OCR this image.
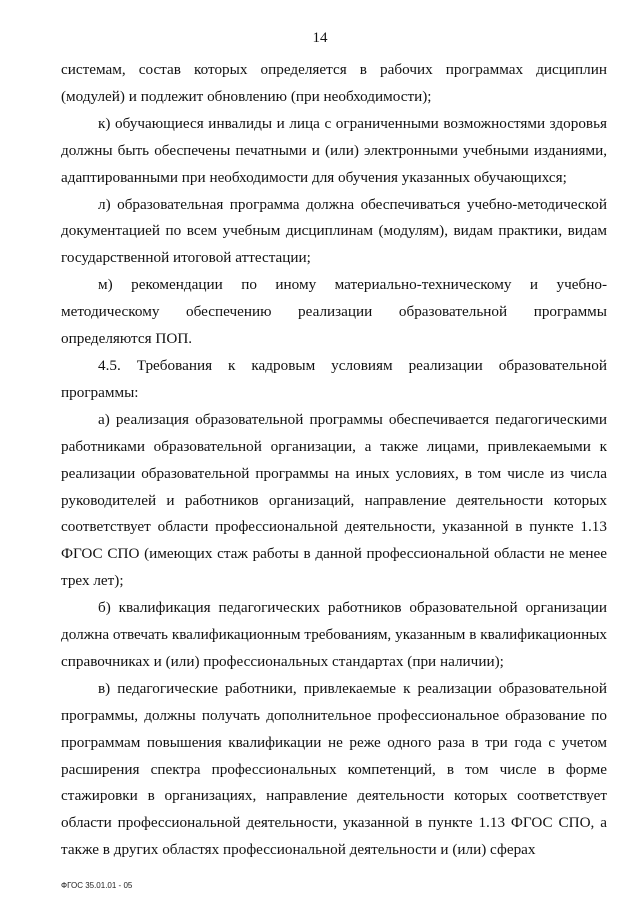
14

системам, состав которых определяется в рабочих программах дисциплин (модулей) и подлежит обновлению (при необходимости);

к) обучающиеся инвалиды и лица с ограниченными возможностями здоровья должны быть обеспечены печатными и (или) электронными учебными изданиями, адаптированными при необходимости для обучения указанных обучающихся;

л) образовательная программа должна обеспечиваться учебно-методической документацией по всем учебным дисциплинам (модулям), видам практики, видам государственной итоговой аттестации;

м) рекомендации по иному материально-техническому и учебно-методическому обеспечению реализации образовательной программы определяются ПОП.

4.5. Требования к кадровым условиям реализации образовательной программы:

а) реализация образовательной программы обеспечивается педагогическими работниками образовательной организации, а также лицами, привлекаемыми к реализации образовательной программы на иных условиях, в том числе из числа руководителей и работников организаций, направление деятельности которых соответствует области профессиональной деятельности, указанной в пункте 1.13 ФГОС СПО (имеющих стаж работы в данной профессиональной области не менее трех лет);

б) квалификация педагогических работников образовательной организации должна отвечать квалификационным требованиям, указанным в квалификационных справочниках и (или) профессиональных стандартах (при наличии);

в) педагогические работники, привлекаемые к реализации образовательной программы, должны получать дополнительное профессиональное образование по программам повышения квалификации не реже одного раза в три года с учетом расширения спектра профессиональных компетенций, в том числе в форме стажировки в организациях, направление деятельности которых соответствует области профессиональной деятельности, указанной в пункте 1.13 ФГОС СПО, а также в других областях профессиональной деятельности и (или) сферах

ФГОС 35.01.01 - 05
